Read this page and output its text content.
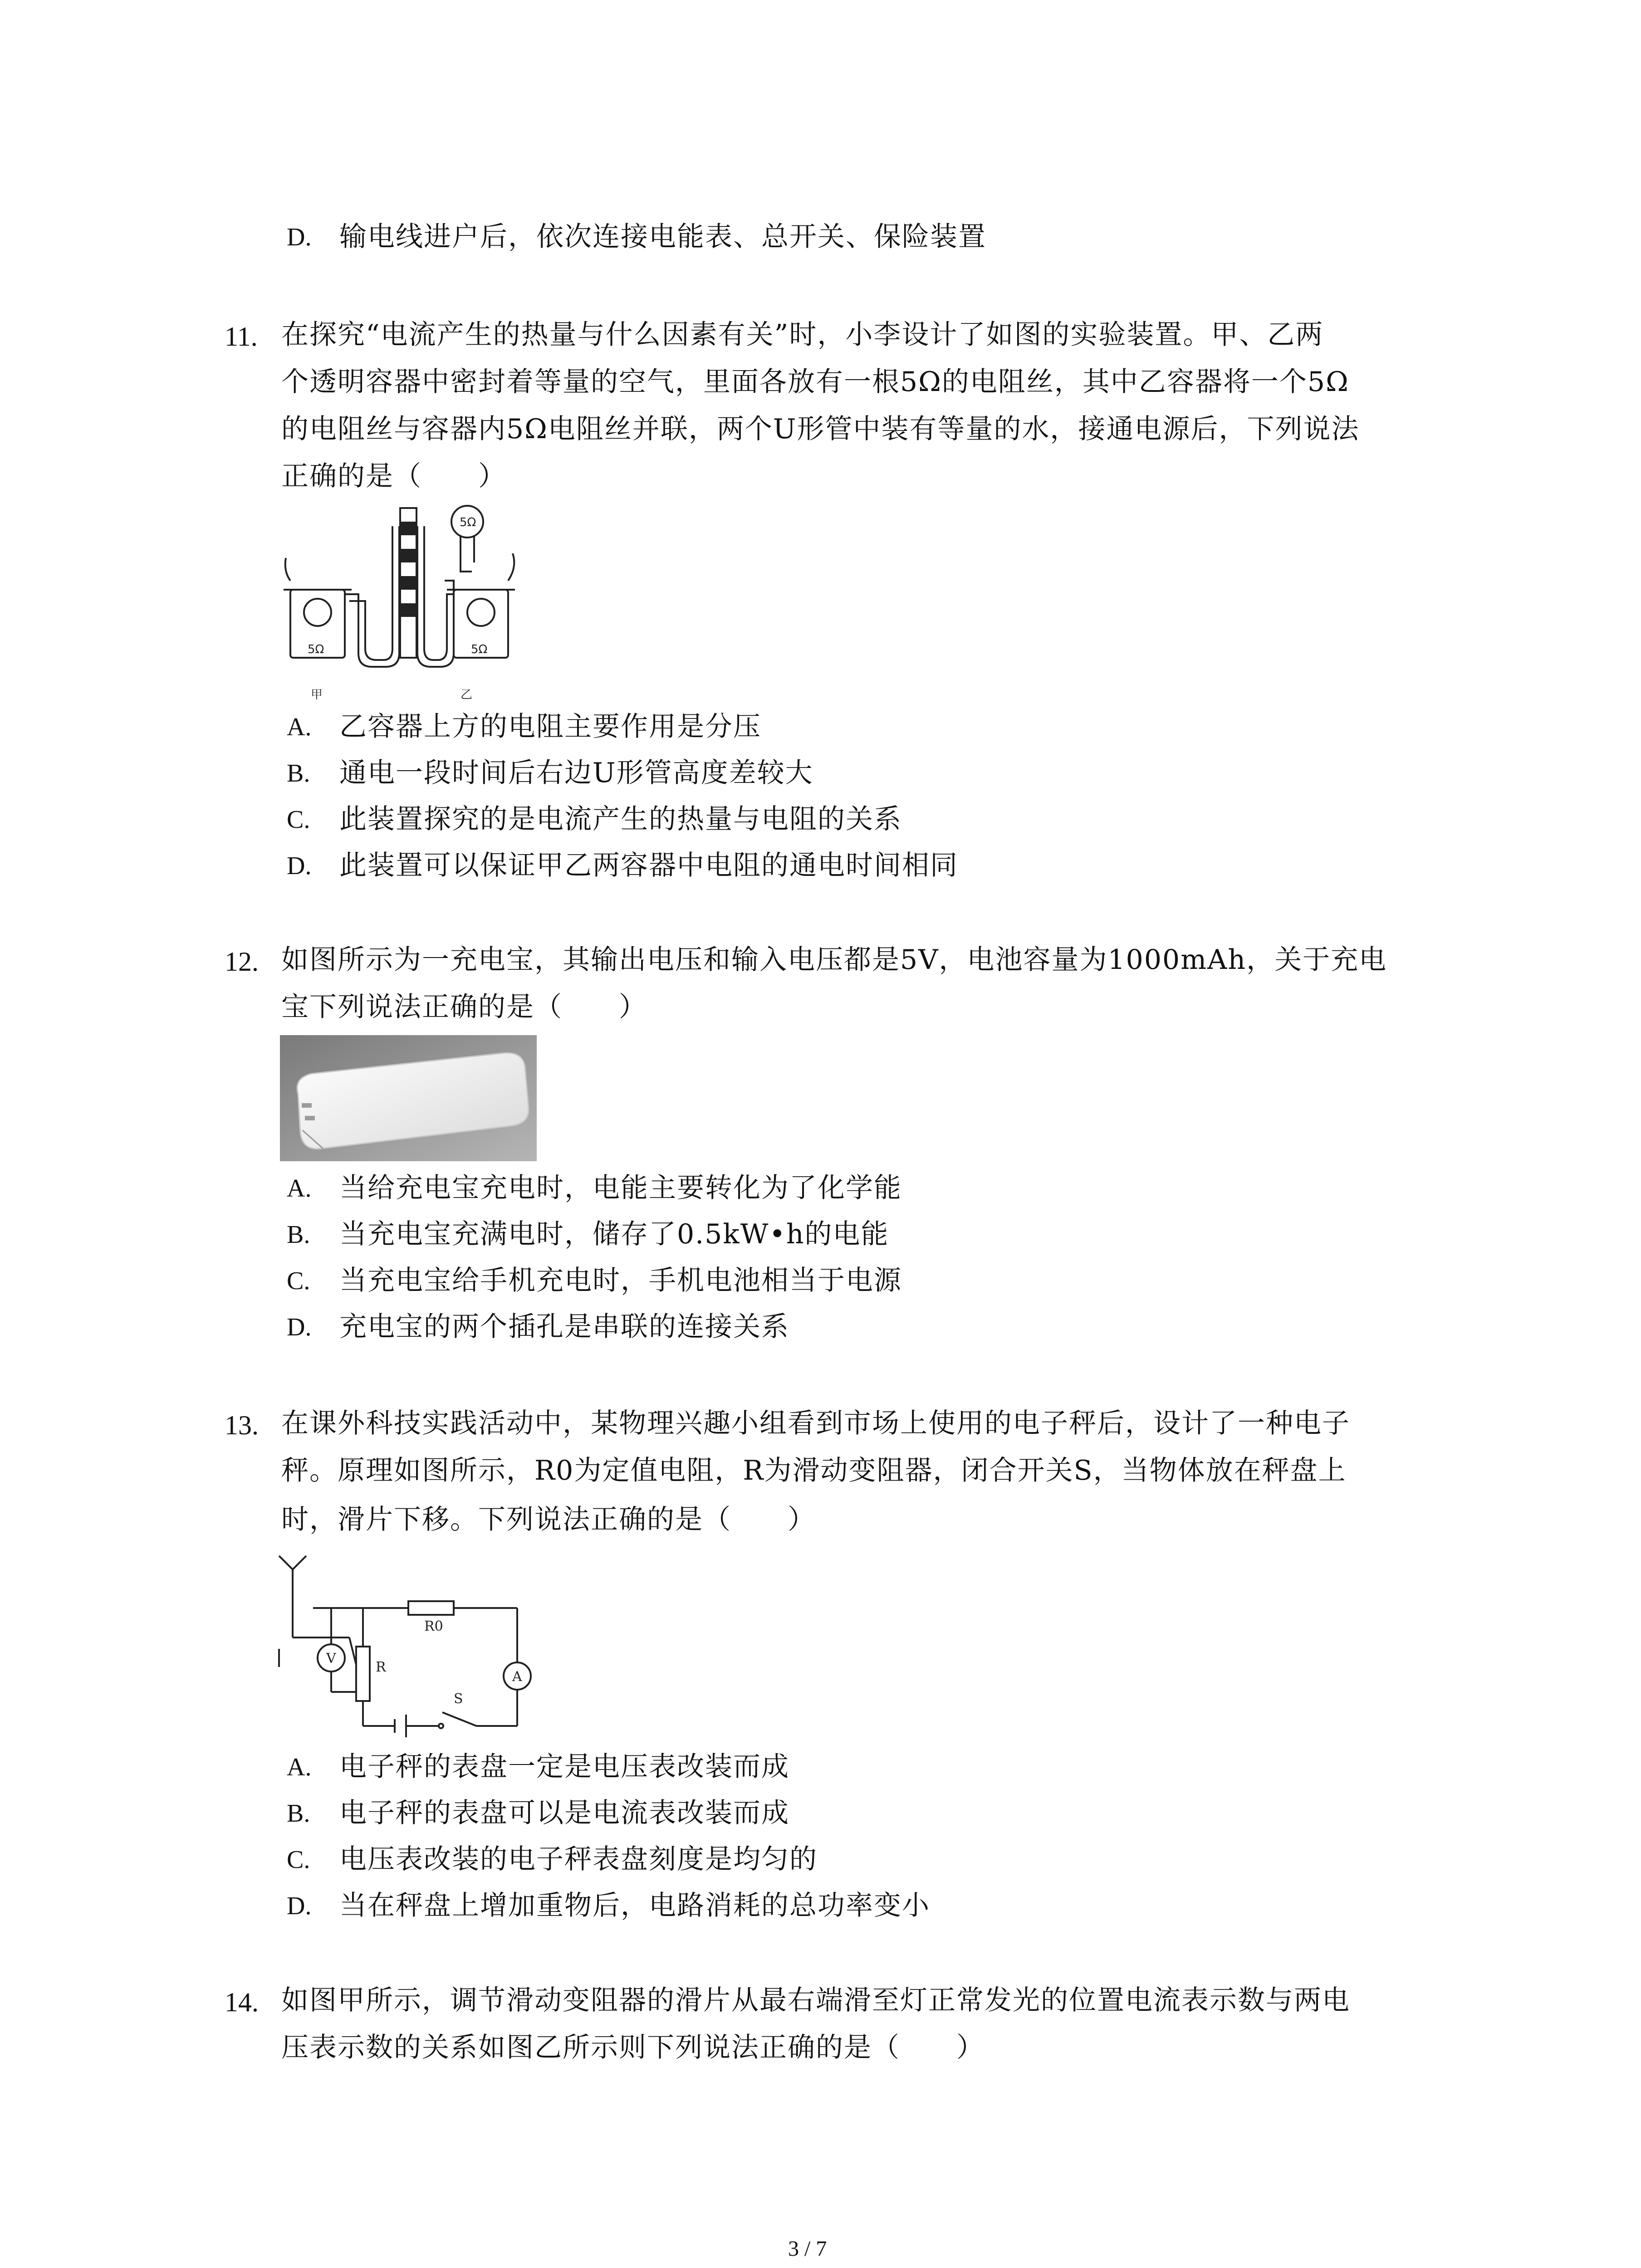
D. 输电线进户后，依次连接电能表、总开关、保险装置
11. 在探究“电流产生的热量与什么因素有关”时，小李设计了如图的实验装置。甲、乙两
个透明容器中密封着等量的空气，里面各放有一根5Ω的电阻丝，其中乙容器将一个5Ω
的电阻丝与容器内5Ω电阻丝并联，两个U形管中装有等量的水，接通电源后，下列说法
正确的是（　　）
5Ω	5Ω
5Ω
甲	乙
A. 乙容器上方的电阻主要作用是分压
B. 通电一段时间后右边U形管高度差较大
C. 此装置探究的是电流产生的热量与电阻的关系
D. 此装置可以保证甲乙两容器中电阻的通电时间相同
12. 如图所示为一充电宝，其输出电压和输入电压都是5V，电池容量为1000mAh，关于充电
宝下列说法正确的是（　　）
A. 当给充电宝充电时，电能主要转化为了化学能
B. 当充电宝充满电时，储存了0.5kW•h的电能
C. 当充电宝给手机充电时，手机电池相当于电源
D. 充电宝的两个插孔是串联的连接关系
13. 在课外科技实践活动中，某物理兴趣小组看到市场上使用的电子秤后，设计了一种电子
秤。原理如图所示，R0为定值电阻，R为滑动变阻器，闭合开关S，当物体放在秤盘上
时，滑片下移。下列说法正确的是（　　）
R0
R
V
A
S
A. 电子秤的表盘一定是电压表改装而成
B. 电子秤的表盘可以是电流表改装而成
C. 电压表改装的电子秤表盘刻度是均匀的
D. 当在秤盘上增加重物后，电路消耗的总功率变小
14. 如图甲所示，调节滑动变阻器的滑片从最右端滑至灯正常发光的位置电流表示数与两电
压表示数的关系如图乙所示则下列说法正确的是（　　）
3 / 7
